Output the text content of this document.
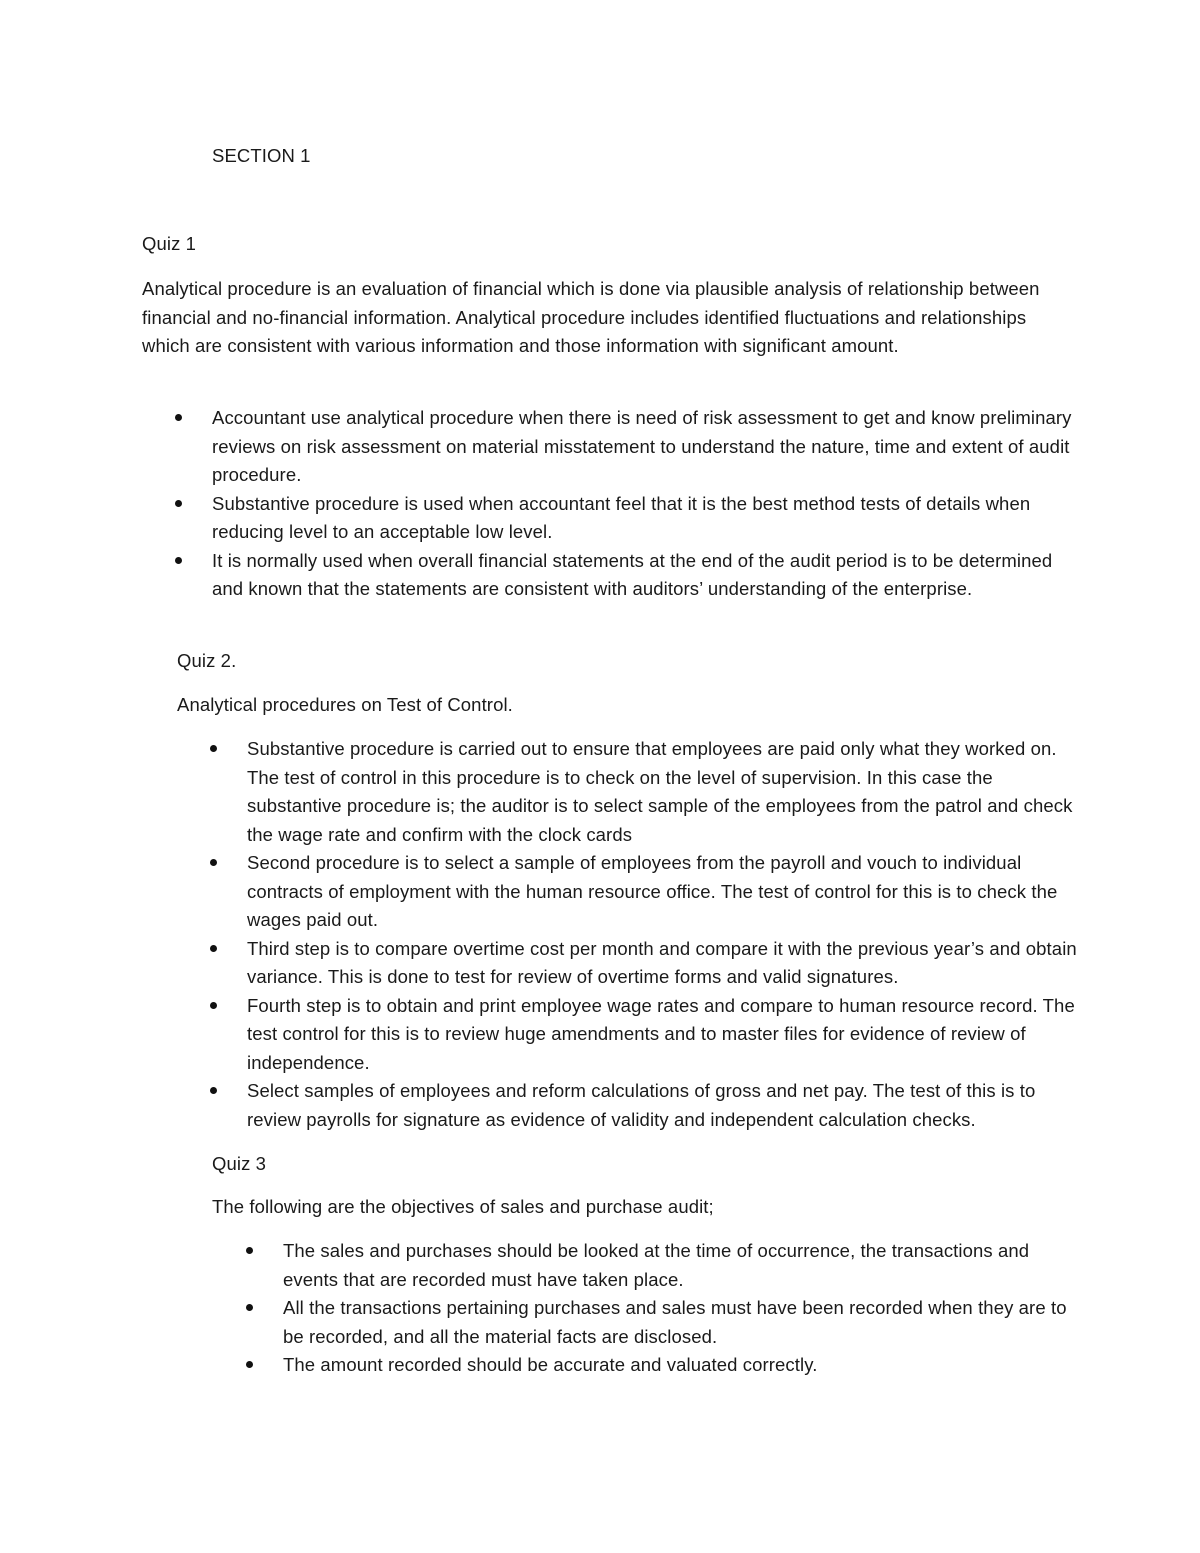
SECTION 1

Quiz 1

Analytical procedure is an evaluation of financial which is done via plausible analysis of relationship between financial and no-financial information. Analytical procedure includes identified fluctuations and relationships which are consistent with various information and those information with significant amount.

Accountant use analytical procedure when there is need of risk assessment to get and know preliminary reviews on risk assessment on material misstatement to understand the nature, time and extent of audit procedure.
Substantive procedure is used when accountant feel that it is the best method tests of details when reducing level to an acceptable low level.
It is normally used when overall financial statements at the end of the audit period is to be determined and known that the statements are consistent with auditors’ understanding of the enterprise.

Quiz 2.

Analytical procedures on Test of Control.

Substantive procedure is carried out to ensure that employees are paid only what they worked on. The test of control in this procedure is to check on the level of supervision. In this case the substantive procedure is; the auditor is to select sample of the employees from the patrol and check the wage rate and confirm with the clock cards
Second procedure is to select a sample of employees from the payroll and vouch to individual contracts of employment with the human resource office. The test of control for this is to check the wages paid out.
Third step is to compare overtime cost per month and compare it with the previous year’s and obtain variance. This is done to test for review of overtime forms and valid signatures.
Fourth step is to obtain and print employee wage rates and compare to human resource record. The test control for this is to review huge amendments and to master files for evidence of review of independence.
Select samples of employees and reform calculations of gross and net pay. The test of this is to review payrolls for signature as evidence of validity and independent calculation checks.

Quiz 3

The following are the objectives of sales and purchase audit;

The sales and purchases should be looked at the time of occurrence, the transactions and events that are recorded must have taken place.
All the transactions pertaining purchases and sales must have been recorded when they are to be recorded, and all the material facts are disclosed.
The amount recorded should be accurate and valuated correctly.
